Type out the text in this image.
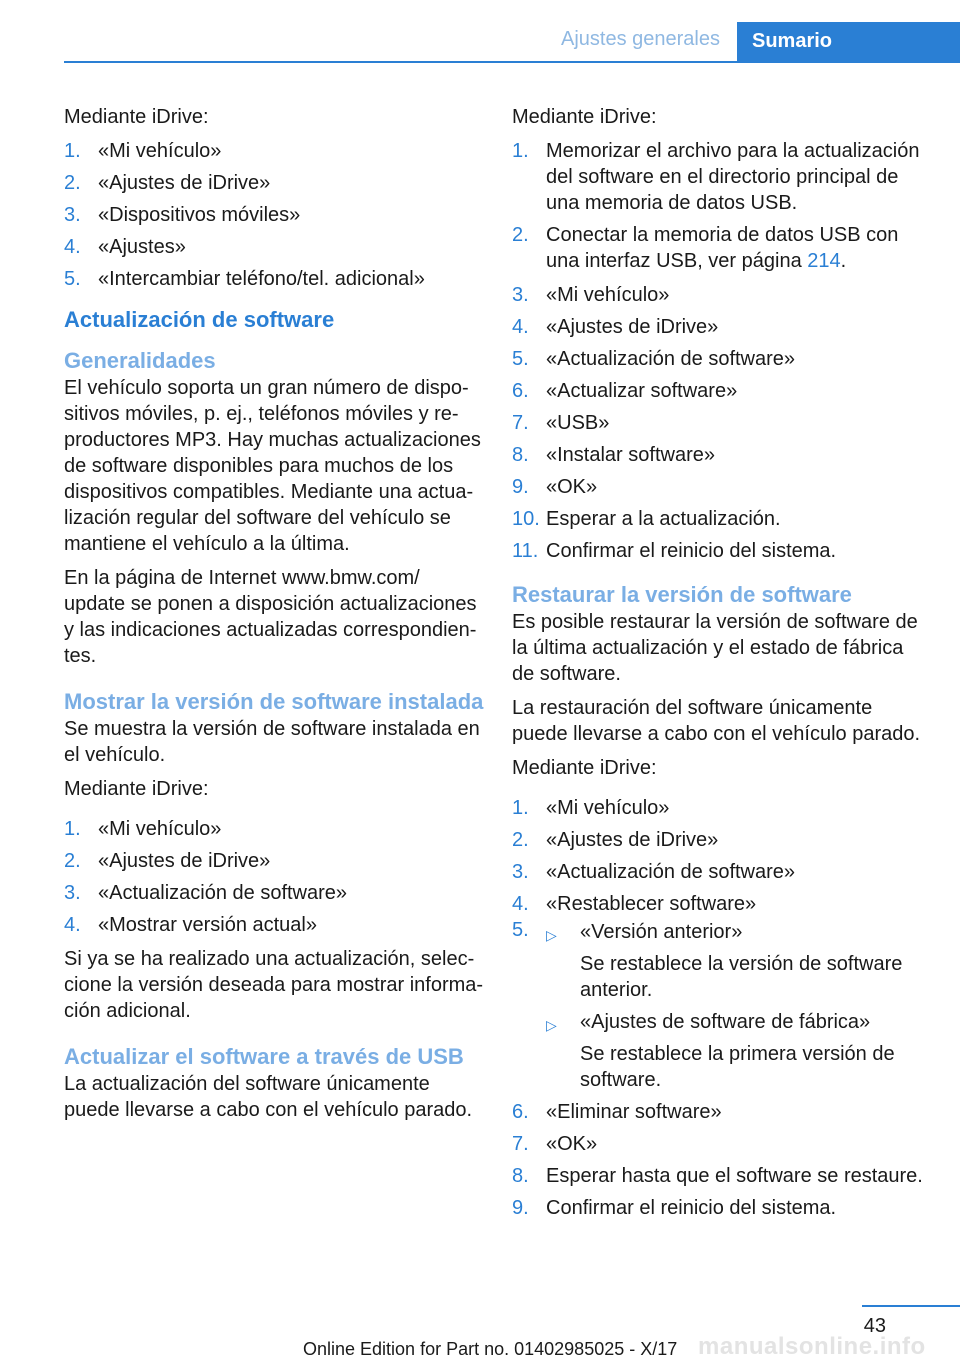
Ajustes generales	Sumario

Mediante iDrive:

1. «Mi vehículo»
2. «Ajustes de iDrive»
3. «Dispositivos móviles»
4. «Ajustes»
5. «Intercambiar teléfono/tel. adicional»
Actualización de software
Generalidades

El vehículo soporta un gran número de dispo- sitivos móviles, p. ej., teléfonos móviles y re- productores MP3. Hay muchas actualizaciones de software disponibles para muchos de los dispositivos compatibles. Mediante una actua- lización regular del software del vehículo se mantiene el vehículo a la última.

En la página de Internet www.bmw.com/ update se ponen a disposición actualizaciones y las indicaciones actualizadas correspondien- tes.

Mostrar la versión de software instalada

Se muestra la versión de software instalada en el vehículo.

Mediante iDrive:

1. «Mi vehículo»
2. «Ajustes de iDrive»
3. «Actualización de software»
4. «Mostrar versión actual»

Si ya se ha realizado una actualización, selec- cione la versión deseada para mostrar informa- ción adicional.

Actualizar el software a través de USB

La actualización del software únicamente puede llevarse a cabo con el vehículo parado.

Mediante iDrive:

1. Memorizar el archivo para la actualización del software en el directorio principal de una memoria de datos USB.
2. Conectar la memoria de datos USB con una interfaz USB, ver página 214.
3. «Mi vehículo»
4. «Ajustes de iDrive»
5. «Actualización de software»
6. «Actualizar software»
7. «USB»
8. «Instalar software»
9. «OK»
10. Esperar a la actualización.
11. Confirmar el reinicio del sistema.
Restaurar la versión de software

Es posible restaurar la versión de software de la última actualización y el estado de fábrica de software.

La restauración del software únicamente puede llevarse a cabo con el vehículo parado.

Mediante iDrive:

1. «Mi vehículo»
2. «Ajustes de iDrive»
3. «Actualización de software»
4. «Restablecer software»
5.	▷	«Versión anterior»
Se restablece la versión de software anterior.
▷	«Ajustes de software de fábrica»
Se restablece la primera versión de software.
6. «Eliminar software»
7. «OK»
8. Esperar hasta que el software se restaure.
9. Confirmar el reinicio del sistema.
43
Online Edition for Part no. 01402985025 - X/17 manualsonline.info
